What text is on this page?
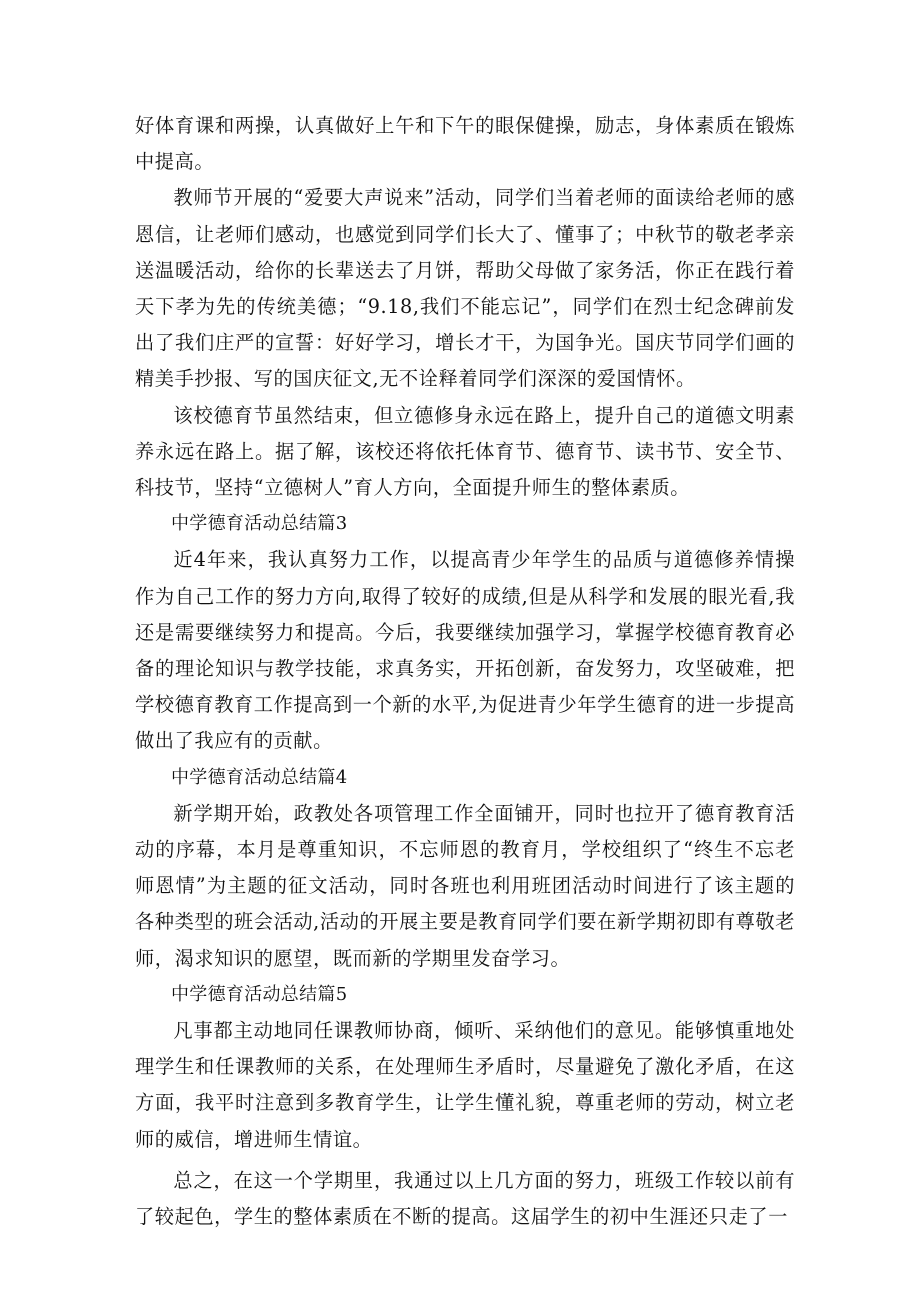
好体育课和两操，认真做好上午和下午的眼保健操，励志，身体素质在锻炼中提高。

教师节开展的“爱要大声说来”活动，同学们当着老师的面读给老师的感恩信，让老师们感动，也感觉到同学们长大了、懂事了；中秋节的敬老孝亲送温暖活动，给你的长辈送去了月饼，帮助父母做了家务活，你正在践行着天下孝为先的传统美德；“9.18,我们不能忘记”，同学们在烈士纪念碑前发出了我们庄严的宣誓：好好学习，增长才干，为国争光。国庆节同学们画的精美手抄报、写的国庆征文,无不诠释着同学们深深的爱国情怀。

该校德育节虽然结束，但立德修身永远在路上，提升自己的道德文明素养永远在路上。据了解，该校还将依托体育节、德育节、读书节、安全节、科技节，坚持“立德树人”育人方向，全面提升师生的整体素质。

中学德育活动总结篇3

近4年来，我认真努力工作，以提高青少年学生的品质与道德修养情操作为自己工作的努力方向,取得了较好的成绩,但是从科学和发展的眼光看,我还是需要继续努力和提高。今后，我要继续加强学习，掌握学校德育教育必备的理论知识与教学技能，求真务实，开拓创新，奋发努力，攻坚破难，把学校德育教育工作提高到一个新的水平,为促进青少年学生德育的进一步提高做出了我应有的贡献。

中学德育活动总结篇4

新学期开始，政教处各项管理工作全面铺开，同时也拉开了德育教育活动的序幕，本月是尊重知识，不忘师恩的教育月，学校组织了“终生不忘老师恩情”为主题的征文活动，同时各班也利用班团活动时间进行了该主题的各种类型的班会活动,活动的开展主要是教育同学们要在新学期初即有尊敬老师，渴求知识的愿望，既而新的学期里发奋学习。

中学德育活动总结篇5

凡事都主动地同任课教师协商，倾听、采纳他们的意见。能够慎重地处理学生和任课教师的关系，在处理师生矛盾时，尽量避免了激化矛盾，在这方面，我平时注意到多教育学生，让学生懂礼貌，尊重老师的劳动，树立老师的威信，增进师生情谊。

总之，在这一个学期里，我通过以上几方面的努力，班级工作较以前有了较起色，学生的整体素质在不断的提高。这届学生的初中生涯还只走了一
